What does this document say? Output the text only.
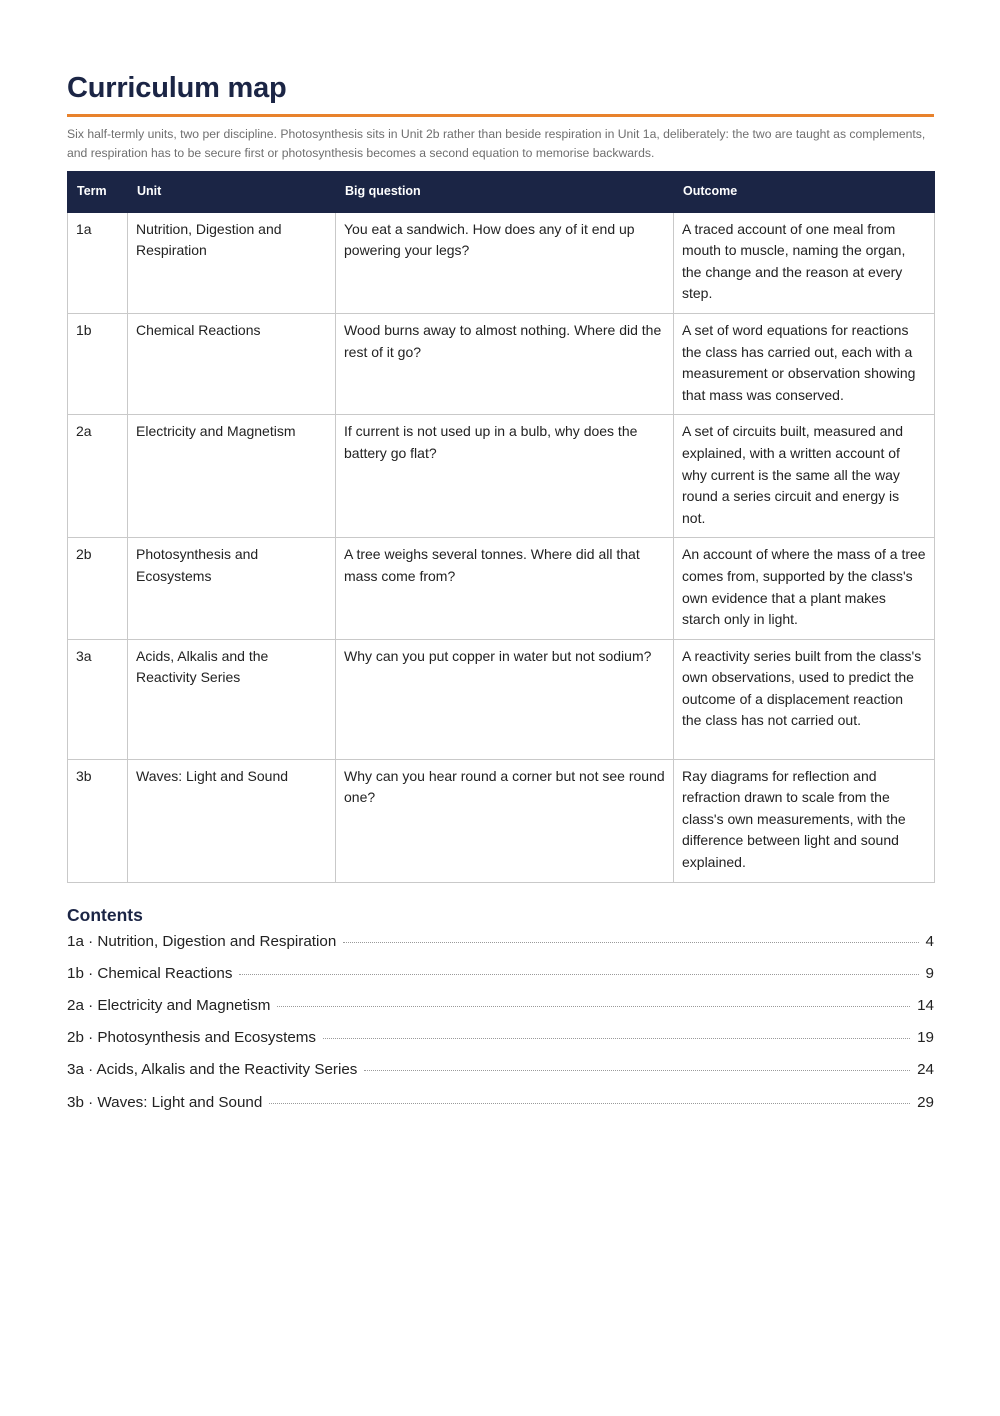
Curriculum map
Six half-termly units, two per discipline. Photosynthesis sits in Unit 2b rather than beside respiration in Unit 1a, deliberately: the two are taught as complements, and respiration has to be secure first or photosynthesis becomes a second equation to memorise backwards.
Term	Unit	Big question	Outcome
1a	Nutrition, Digestion and Respiration	You eat a sandwich. How does any of it end up powering your legs?	A traced account of one meal from mouth to muscle, naming the organ, the change and the reason at every step.
1b	Chemical Reactions	Wood burns away to almost nothing. Where did the rest of it go?	A set of word equations for reactions the class has carried out, each with a measurement or observation showing that mass was conserved.
2a	Electricity and Magnetism	If current is not used up in a bulb, why does the battery go flat?	A set of circuits built, measured and explained, with a written account of why current is the same all the way round a series circuit and energy is not.
2b	Photosynthesis and Ecosystems	A tree weighs several tonnes. Where did all that mass come from?	An account of where the mass of a tree comes from, supported by the class's own evidence that a plant makes starch only in light.
3a	Acids, Alkalis and the Reactivity Series	Why can you put copper in water but not sodium?	A reactivity series built from the class's own observations, used to predict the outcome of a displacement reaction the class has not carried out.
3b	Waves: Light and Sound	Why can you hear round a corner but not see round one?	Ray diagrams for reflection and refraction drawn to scale from the class's own measurements, with the difference between light and sound explained.
Contents
1a · Nutrition, Digestion and Respiration	4
1b · Chemical Reactions	9
2a · Electricity and Magnetism	14
2b · Photosynthesis and Ecosystems	19
3a · Acids, Alkalis and the Reactivity Series	24
3b · Waves: Light and Sound	29
